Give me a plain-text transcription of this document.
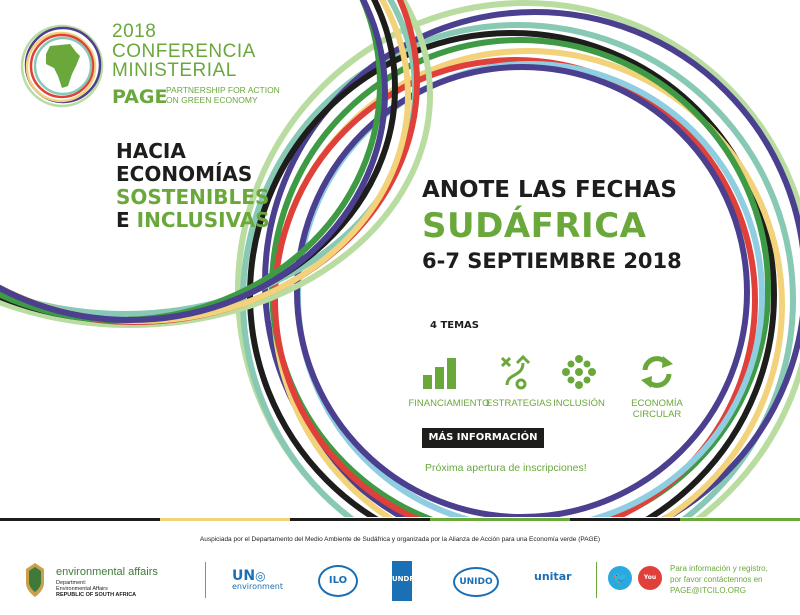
2018
CONFERENCIA
MINISTERIAL
PAGE
PARTNERSHIP FOR ACTION
ON GREEN ECONOMY
HACIA
ECONOMÍAS
SOSTENIBLES
E INCLUSIVAS
ANOTE LAS FECHAS
SUDÁFRICA
6-7 SEPTIEMBRE 2018
4 TEMAS
FINANCIAMIENTO
ESTRATEGIAS INCLUSIÓN	ECONOMÍA CIRCULAR
MÁS INFORMACIÓN
Próxima apertura de inscripciones!
Auspiciada por el Departamento del Medio Ambiente de Sudáfrica y organizada por la Alianza de Acción para una Economía verde (PAGE)
environmental affairs
Department:
Environmental Affairs
REPUBLIC OF SOUTH AFRICA
UN◎
environment
ILO	UNDP	UNIDO	unitar	🐦	You Tube
Para información y registro,
por favor contáctennos en
PAGE@ITCILO.ORG
